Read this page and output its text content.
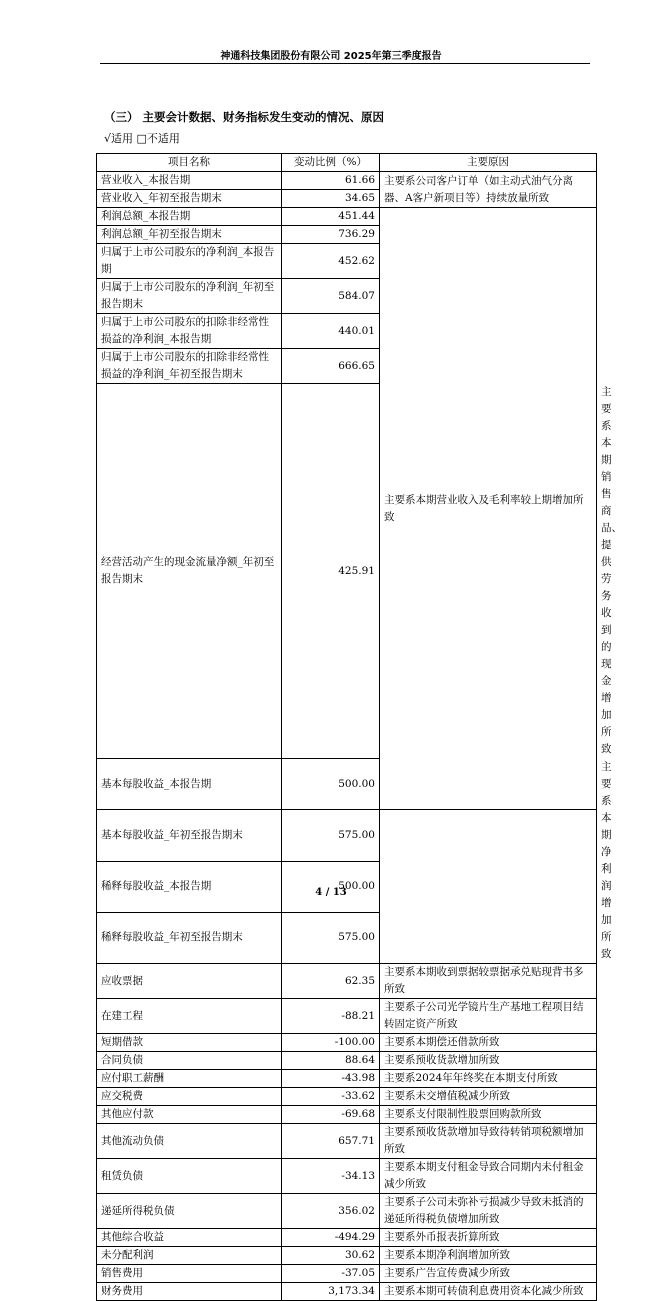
神通科技集团股份有限公司 2025年第三季度报告
（三） 主要会计数据、财务指标发生变动的情况、原因
√适用 □不适用
项目名称	变动比例（%）	主要原因	
营业收入_本报告期	61.66	主要系公司客户订单（如主动式油气分离器、A客户新项目等）持续放量所致	
营业收入_年初至报告期末	34.65		
利润总额_本报告期	451.44	主要系本期营业收入及毛利率较上期增加所致	
利润总额_年初至报告期末	736.29		
归属于上市公司股东的净利润_本报告期	452.62		
归属于上市公司股东的净利润_年初至报告期末	584.07		
归属于上市公司股东的扣除非经常性损益的净利润_本报告期	440.01		
归属于上市公司股东的扣除非经常性损益的净利润_年初至报告期末	666.65		
经营活动产生的现金流量净额_年初至报告期末	425.91		主要系本期销售商品、提供劳务收到的现金增加所致
基本每股收益_本报告期	500.00		主要系本期净利润增加所致
基本每股收益_年初至报告期末	575.00		
稀释每股收益_本报告期	500.00		
稀释每股收益_年初至报告期末	575.00		
应收票据	62.35	主要系本期收到票据较票据承兑贴现背书多所致	
在建工程	-88.21	主要系子公司光学镜片生产基地工程项目结转固定资产所致	
短期借款	-100.00	主要系本期偿还借款所致	
合同负债	88.64	主要系预收货款增加所致	
应付职工薪酬	-43.98	主要系2024年年终奖在本期支付所致	
应交税费	-33.62	主要系未交增值税减少所致	
其他应付款	-69.68	主要系支付限制性股票回购款所致	
其他流动负债	657.71	主要系预收货款增加导致待转销项税额增加所致	
租赁负债	-34.13	主要系本期支付租金导致合同期内未付租金减少所致	
递延所得税负债	356.02	主要系子公司未弥补亏损减少导致未抵消的递延所得税负债增加所致	
其他综合收益	-494.29	主要系外币报表折算所致	
未分配利润	30.62	主要系本期净利润增加所致	
销售费用	-37.05	主要系广告宣传费减少所致	
财务费用	3,173.34	主要系本期可转债利息费用资本化减少所致	
4 / 13
